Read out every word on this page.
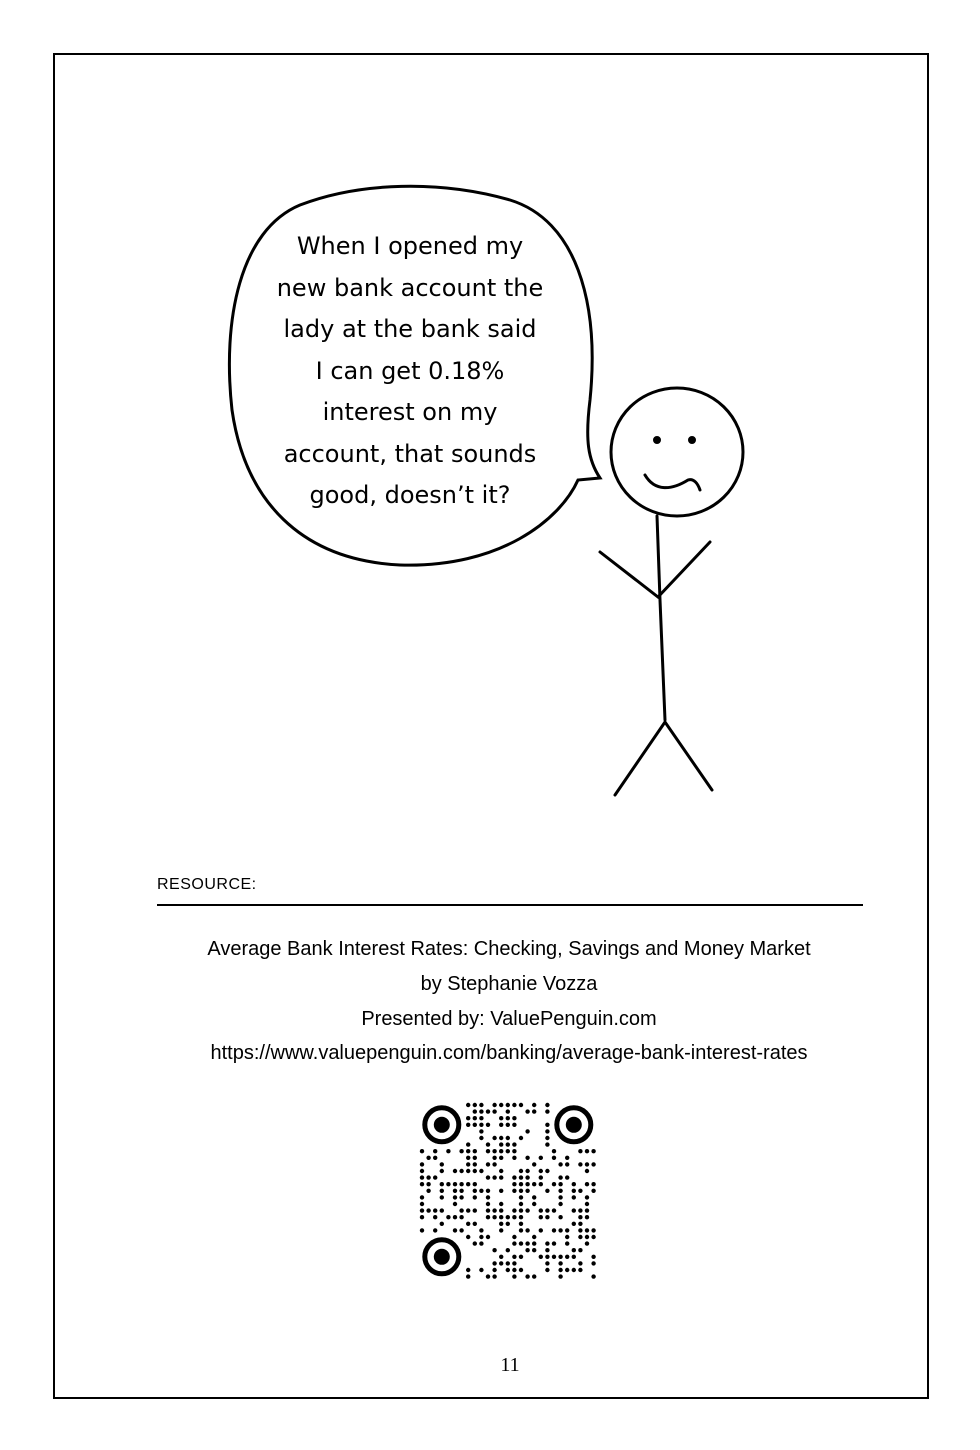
When I opened my
new bank account the
lady at the bank said
I can get 0.18%
interest on my
account, that sounds
good, doesn’t it?
RESOURCE:
Average Bank Interest Rates: Checking, Savings and Money Market
by Stephanie Vozza
Presented by: ValuePenguin.com
https://www.valuepenguin.com/banking/average-bank-interest-rates
11
